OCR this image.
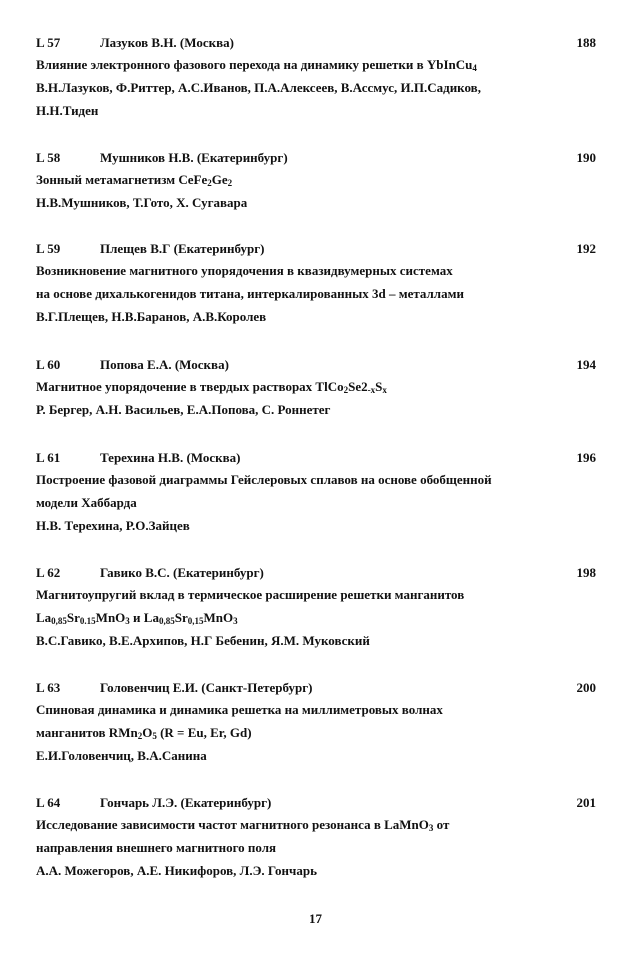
L 57	Лазуков В.Н. (Москва)	188
Влияние электронного фазового перехода на динамику решетки в YbInCu$_4$
В.Н.Лазуков, Ф.Риттер, А.С.Иванов, П.А.Алексеев, В.Ассмус, И.П.Садиков,
Н.Н.Тиден
L 58	Мушников Н.В. (Екатеринбург)	190
Зонный метамагнетизм $CeFe_2Ge_2$
Н.В.Мушников, Т.Гото, Х. Сугавара
L 59	Плещев В.Г (Екатеринбург)	192
Возникновение магнитного упорядочения в квазидвумерных системах
на основе дихалькогенидов титана, интеркалированных 3d – металлами
В.Г.Плещев, Н.В.Баранов, А.В.Королев
L 60	Попова Е.А. (Москва)	194
Магнитное упорядочение в твердых растворах $TlCo_2Se2_{-x}S_x$
Р. Бергер, А.Н. Васильев, Е.А.Попова, С. Роннетег
L 61	Терехина Н.В. (Москва)	196
Построение фазовой диаграммы Гейслеровых сплавов на основе обобщенной
модели Хаббарда
Н.В. Терехина, Р.О.Зайцев
L 62	Гавико В.С. (Екатеринбург)	198
Магнитоупругий вклад в термическое расширение решетки манганитов
$La_{0,85}Sr_{0.15}MnO_3$ и $La_{0,85}Sr_{0,15}MnO_3$
В.С.Гавико, В.Е.Архипов, Н.Г Бебенин, Я.М. Муковский
L 63	Головенчиц Е.И. (Санкт-Петербург)	200
Спиновая динамика и динамика решетка на миллиметровых волнах
манганитов $RMn_2O_5$ (R = Eu, Er, Gd)
Е.И.Головенчиц, В.А.Санина
L 64	Гончарь Л.Э. (Екатеринбург)	201
Исследование зависимости частот магнитного резонанса в LaMnO$_3$ от
направления внешнего магнитного поля
А.А. Можегоров, А.Е. Никифоров, Л.Э. Гончарь
17
